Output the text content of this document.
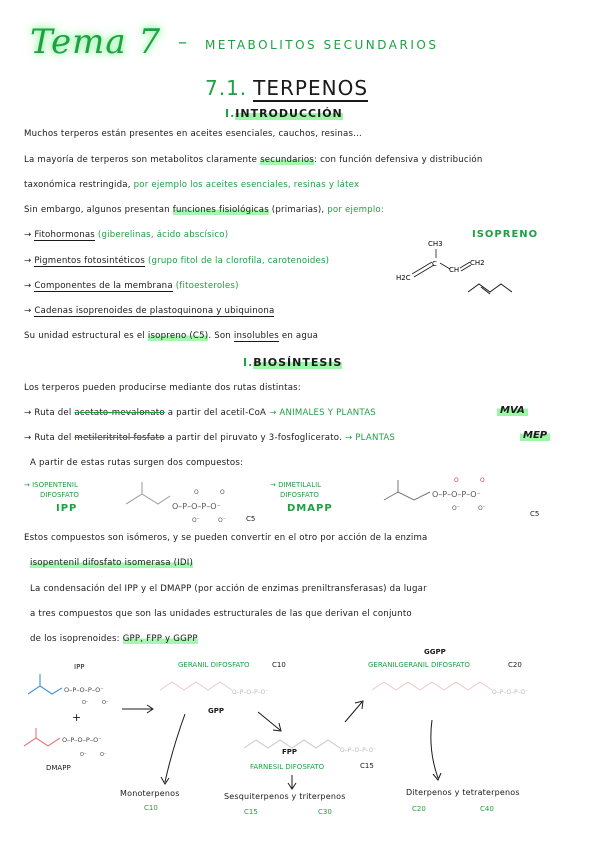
Tema 7 – METABOLITOS SECUNDARIOS
7.1. TERPENOS
I.INTRODUCCIÓN
Muchos terperos están presentes en aceites esenciales, cauchos, resinas...
La mayoría de terperos son metabolitos claramente secundarios: con función defensiva y distribución
taxonómica restringida, por ejemplo los aceites esenciales, resinas y látex
Sin embargo, algunos presentan funciones fisiológicas (primarias), por ejemplo:
→ Fitohormonas (giberelinas, ácido abscísico)
→ Pigmentos fotosintéticos (grupo fitol de la clorofila, carotenoides)
→ Componentes de la membrana (fitoesteroles)
→ Cadenas isoprenoides de plastoquinona y ubiquinona
Su unidad estructural es el isopreno (C5). Son insolubles en agua
ISOPRENO
CH3
H2C
C
CH
CH2
I.BIOSÍNTESIS
Los terperos pueden producirse mediante dos rutas distintas:
→ Ruta del acetato-mevalonato a partir del acetil-CoA → ANIMALES Y PLANTAS	MVA
→ Ruta del metileritritol fosfato a partir del piruvato y 3-fosfoglicerato. → PLANTAS	MEP
A partir de estas rutas surgen dos compuestos:
→ ISOPENTENIL
DIFOSFATO
IPP	O–P–O–P–O⁻
O	O
O⁻	O⁻	C5
→ DIMETILALIL
DIFOSFATO
DMAPP
O–P–O–P–O⁻
O	O
O⁻	O⁻
C5
Estos compuestos son isómeros, y se pueden convertir en el otro por acción de la enzima
isopentenil difosfato isomerasa (IDI)
La condensación del IPP y el DMAPP (por acción de enzimas preniltransferasas) da lugar
a tres compuestos que son las unidades estructurales de las que derivan el conjunto
de los isoprenoides: GPP, FPP y GGPP
IPP
O–P–O–P–O⁻
O⁻	O⁻
+
O–P–O–P–O⁻
O⁻	O⁻
DMAPP
O–P–O–P–O⁻
O–P–O–P–O⁻
O–P–O–P–O⁻
GERANIL DIFOSFATO	C10
GPP
FPP
FARNESIL DIFOSFATO	C15
GGPP
GERANILGERANIL DIFOSFATO	C20
Monoterpenos
C10
Sesquiterpenos y triterpenos
C15	C30
Diterpenos y tetraterpenos
C20	C40
